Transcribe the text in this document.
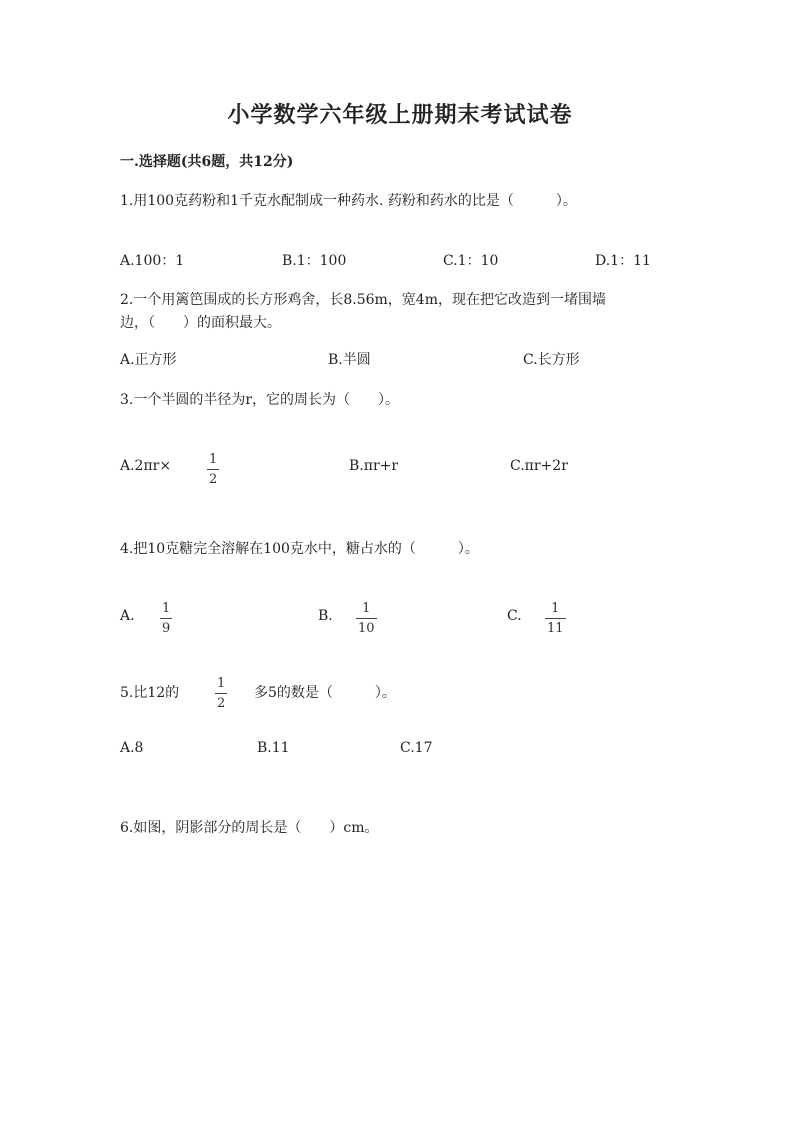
小学数学六年级上册期末考试试卷
一.选择题(共6题，共12分)
1.用100克药粉和1千克水配制成一种药水. 药粉和药水的比是（　　　）。
A.100：1	B.1：100	C.1：10	D.1：11
2.一个用篱笆围成的长方形鸡舍，长8.56m，宽4m，现在把它改造到一堵围墙
边，（　　）的面积最大。
A.正方形	B.半圆	C.长方形
3.一个半圆的半径为r，它的周长为（　　）。
A.2πr×	1
2
B.πr+r	C.πr+2r
4.把10克糖完全溶解在100克水中，糖占水的（　　　）。
A. 1
9
B. 1
10
C. 1
11
5.比12的
1
2
多5的数是（　　　）。
A.8	B.11	C.17
6.如图，阴影部分的周长是（　　）cm。
